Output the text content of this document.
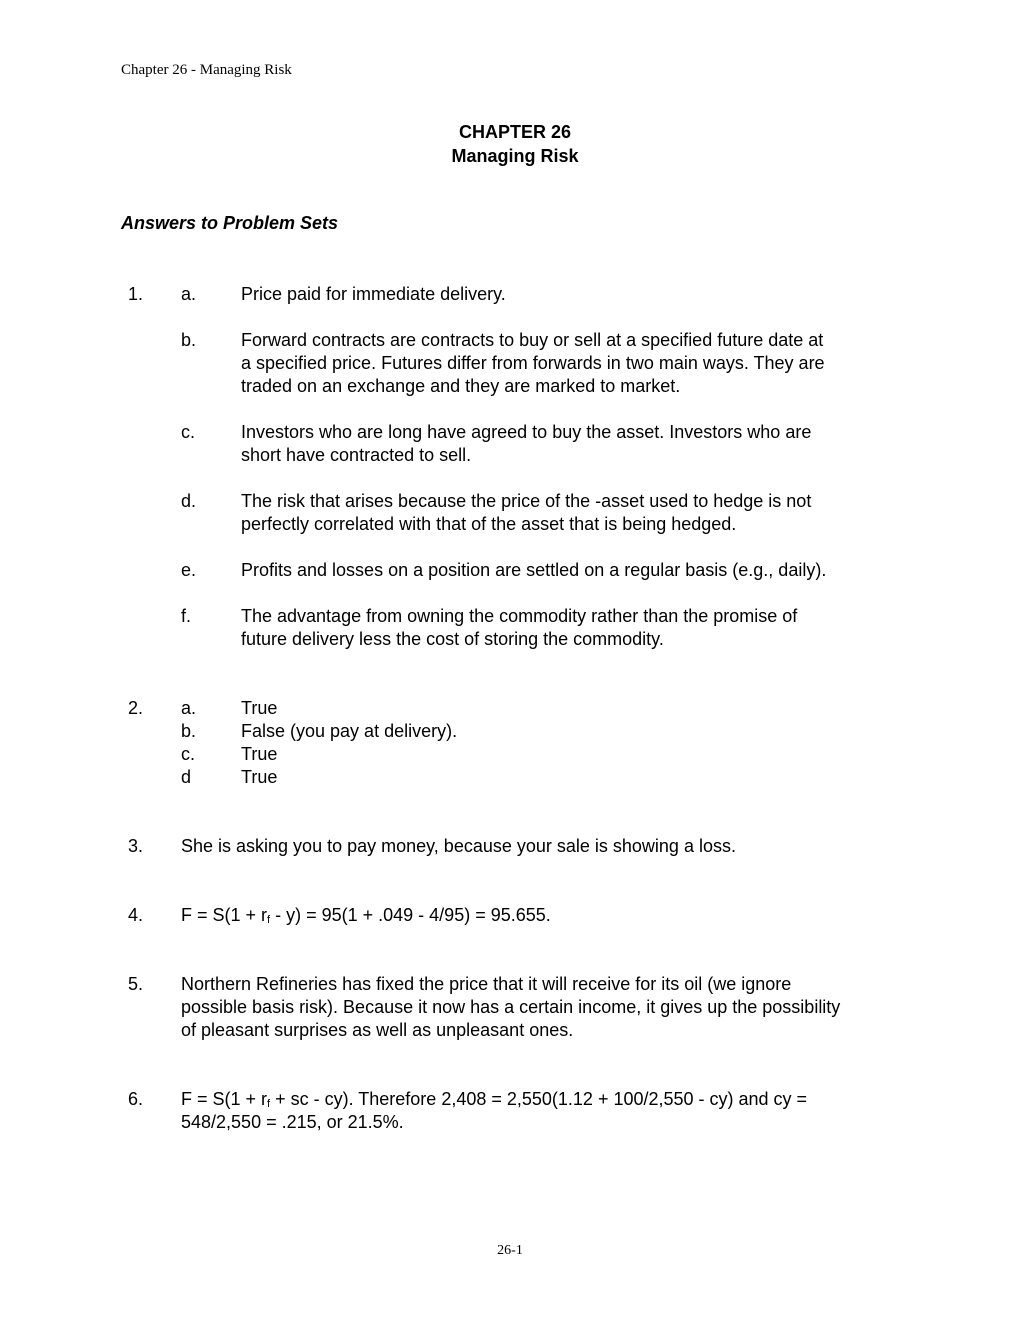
Chapter 26 - Managing Risk
CHAPTER 26
Managing Risk
Answers to Problem Sets
1. a. Price paid for immediate delivery.
b. Forward contracts are contracts to buy or sell at a specified future date at
a specified price. Futures differ from forwards in two main ways. They are
traded on an exchange and they are marked to market.
c.	Investors who are long have agreed to buy the asset. Investors who are
short have contracted to sell.
d. The risk that arises because the price of the -asset used to hedge is not
perfectly correlated with that of the asset that is being hedged.
e. Profits and losses on a position are settled on a regular basis (e.g., daily).
f.	The advantage from owning the commodity rather than the promise of
future delivery less the cost of storing the commodity.
2. a. True
b. False (you pay at delivery).
c.	True
d	True
3. She is asking you to pay money, because your sale is showing a loss.
4. $F = S(1 + r_f - y) = 95(1 + .049 - 4/95) = 95.655$.
5. Northern Refineries has fixed the price that it will receive for its oil (we ignore
possible basis risk). Because it now has a certain income, it gives up the possibility
of pleasant surprises as well as unpleasant ones.
6. $F = S(1 + r_f$ + sc - cy). Therefore 2,408 = 2,550(1.12 + 100/2,550 - cy) and cy =
548/2,550 = .215, or 21.5%.
26-1
